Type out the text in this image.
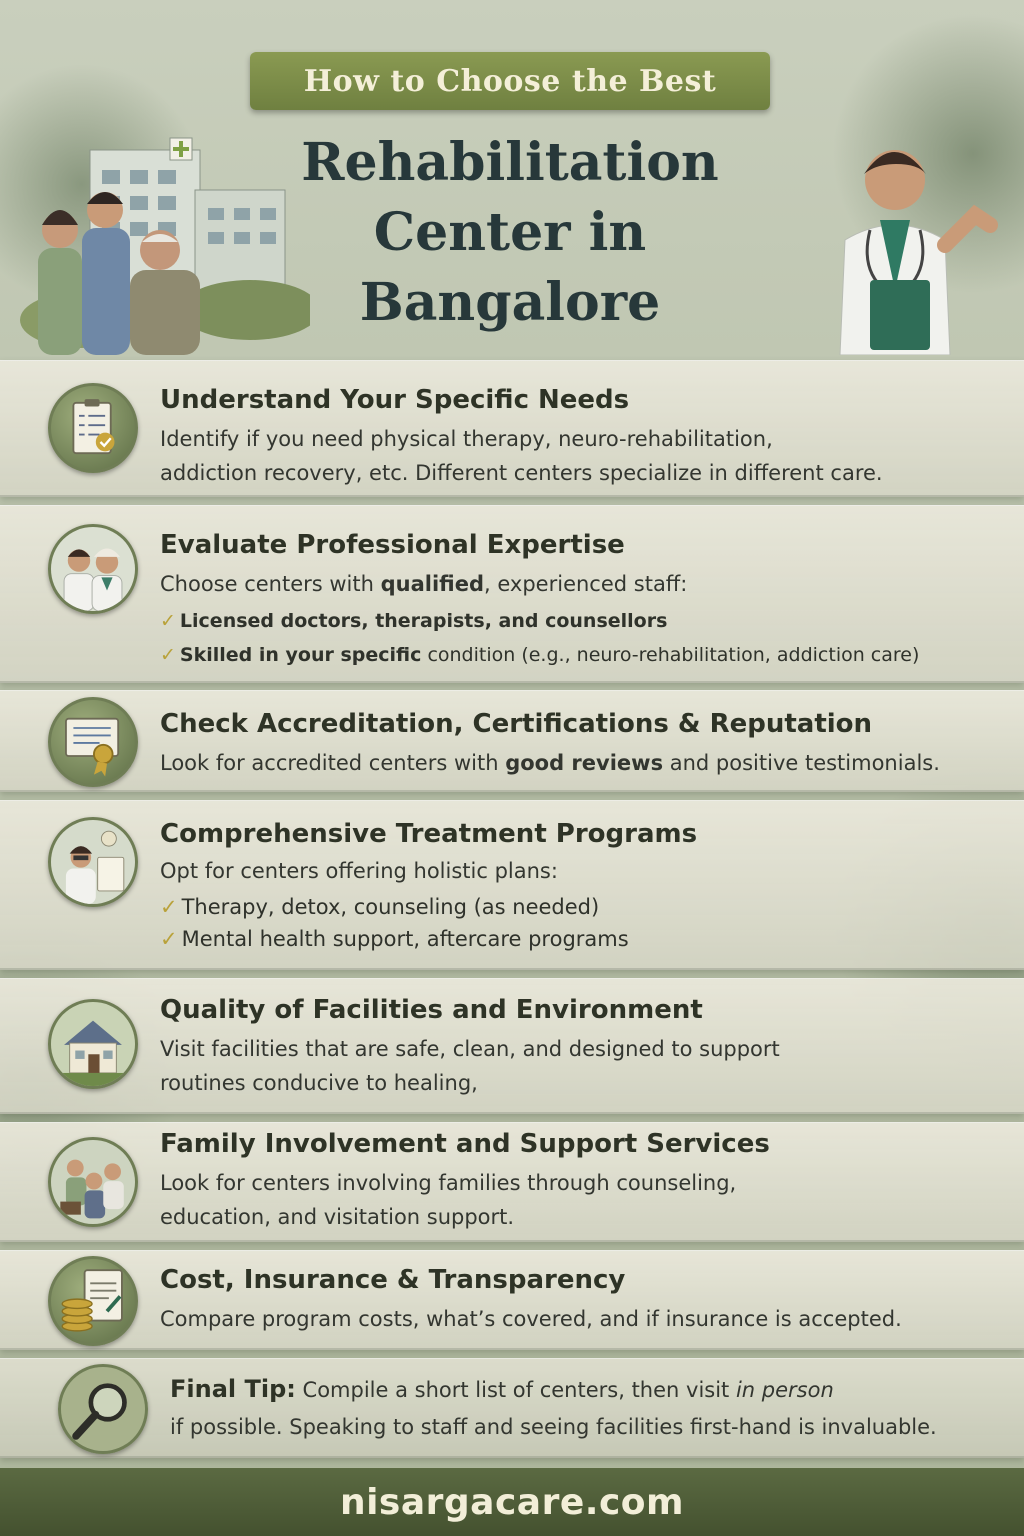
How to Choose the Best
Rehabilitation
Center in
Bangalore
Understand Your Specific Needs
Identify if you need physical therapy, neuro-rehabilitation,
addiction recovery, etc. Different centers specialize in different care.
Evaluate Professional Expertise
Choose centers with qualified, experienced staff:
✓ Licensed doctors, therapists, and counsellors
✓ Skilled in your specific condition (e.g., neuro-rehabilitation, addiction care)
Check Accreditation, Certifications & Reputation
Look for accredited centers with good reviews and positive testimonials.
Comprehensive Treatment Programs
Opt for centers offering holistic plans:
✓ Therapy, detox, counseling (as needed)
✓ Mental health support, aftercare programs
Quality of Facilities and Environment
Visit facilities that are safe, clean, and designed to support
routines conducive to healing,
Family Involvement and Support Services
Look for centers involving families through counseling,
education, and visitation support.
Cost, Insurance & Transparency
Compare program costs, what’s covered, and if insurance is accepted.
Final Tip: Compile a short list of centers, then visit in person
if possible. Speaking to staff and seeing facilities first-hand is invaluable.
nisargacare.com
